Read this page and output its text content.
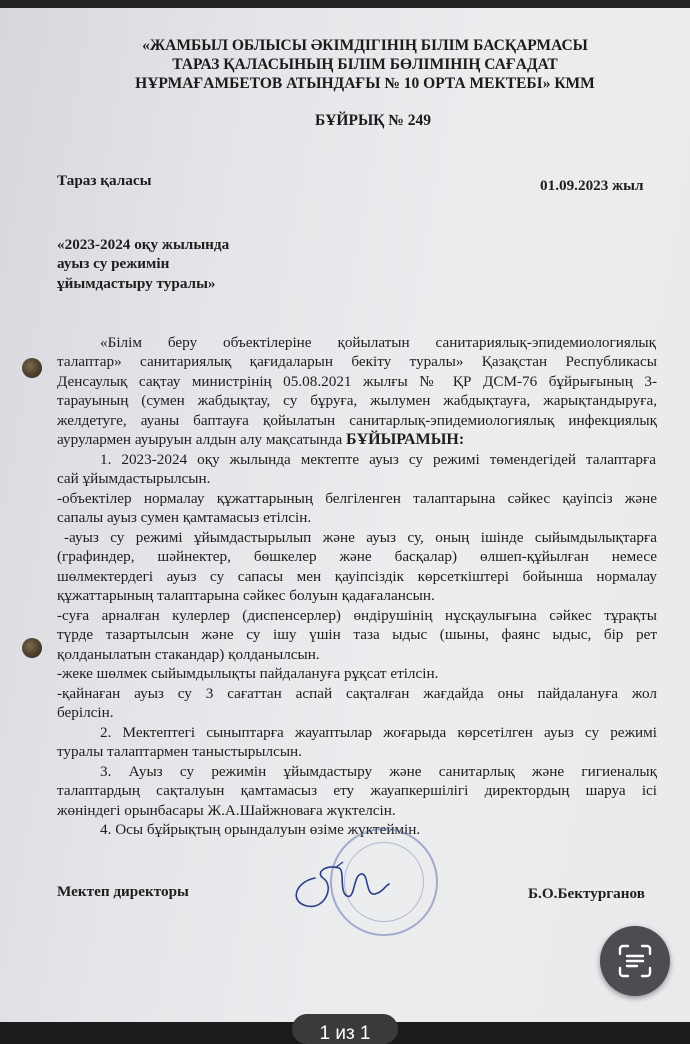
«ЖАМБЫЛ ОБЛЫСЫ ӘКІМДІГІНІҢ БІЛІМ БАСҚАРМАСЫ
ТАРАЗ ҚАЛАСЫНЫҢ БІЛІМ БӨЛІМІНІҢ САҒАДАТ
НҰРМАҒАМБЕТОВ АТЫНДАҒЫ № 10 ОРТА МЕКТЕБІ» КММ
БҰЙРЫҚ № 249
Тараз қаласы	01.09.2023 жыл
«2023-2024 оқу жылында
ауыз су режимін
ұйымдастыру туралы»
«Білім беру объектілеріне қойылатын санитариялық-эпидемиологиялық
талаптар» санитариялық қағидаларын бекіту туралы» Қазақстан Республикасы
Денсаулық сақтау министрінің 05.08.2021 жылғы № ҚР ДСМ-76 бұйрығының 3-
тарауының (сумен жабдықтау, су бұруға, жылумен жабдықтауға, жарықтандыруға,
желдетуге, ауаны баптауға қойылатын санитарлық-эпидемиологиялық инфекциялық
аурулармен ауыруын алдын алу мақсатында БҰЙЫРАМЫН:
1. 2023-2024 оқу жылында мектепте ауыз су режимі төмендегідей талаптарға
сай ұйымдастырылсын.
-объектілер нормалау құжаттарының белгіленген талаптарына сәйкес қауіпсіз және
сапалы ауыз сумен қамтамасыз етілсін.
-ауыз су режимі ұйымдастырылып және ауыз су, оның ішінде сыйымдылықтарға
(графиндер, шәйнектер, бөшкелер және басқалар) өлшеп-құйылған немесе
шөлмектердегі ауыз су сапасы мен қауіпсіздік көрсеткіштері бойынша нормалау
құжаттарының талаптарына сәйкес болуын қадағалансын.
-суға арналған кулерлер (диспенсерлер) өндірушінің нұсқаулығына сәйкес тұрақты
түрде тазартылсын және су ішу үшін таза ыдыс (шыны, фаянс ыдыс, бір рет
қолданылатын стакандар) қолданылсын.
-жеке шөлмек сыйымдылықты пайдалануға рұқсат етілсін.
-қайнаған ауыз су 3 сағаттан аспай сақталған жағдайда оны пайдалануға жол
берілсін.
2. Мектептегі сыныптарға жауаптылар жоғарыда көрсетілген ауыз су режимі
туралы талаптармен таныстырылсын.
3. Ауыз су режимін ұйымдастыру және санитарлық және гигиеналық
талаптардың сақталуын қамтамасыз ету жауапкершілігі директордың шаруа ісі
жөніндегі орынбасары Ж.А.Шайжноваға жүктелсін.
4. Осы бұйрықтың орындалуын өзіме жүктеймін.
Мектеп директоры	Б.О.Бектурганов
1 из 1
